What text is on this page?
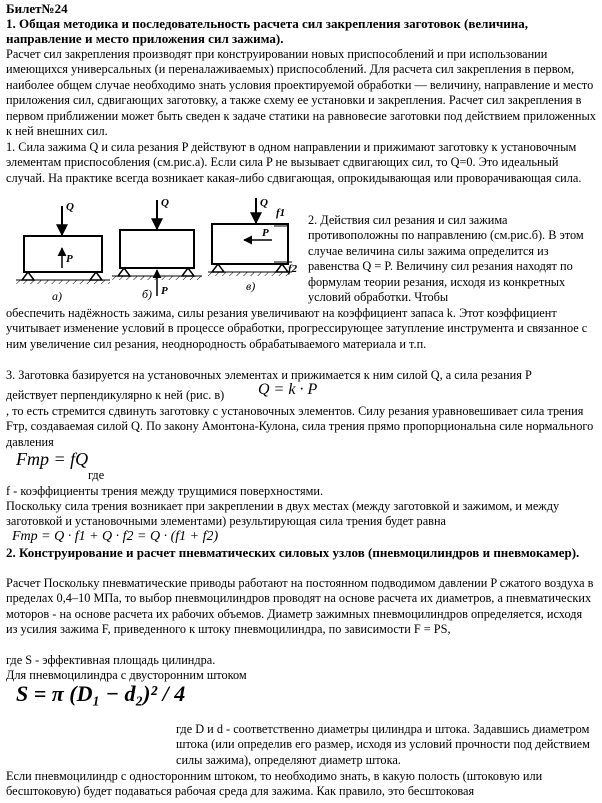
Билет№24
1. Общая методика и последовательность расчета сил закрепления заготовок (величина, направление и место приложения сил зажима).
Расчет сил закрепления производят при конструировании новых приспособлений и при использовании имеющихся универсальных (и переналаживаемых) приспособлений. Для расчета сил закрепления в первом, наиболее общем случае необходимо знать условия проектируемой обработки — величину, направление и место приложения сил, сдвигающих заготовку, а также схему ее установки и закрепления. Расчет сил закрепления в первом приближении может быть сведен к задаче статики на равновесие заготовки под действием приложенных к ней внешних сил.
1. Сила зажима Q и сила резания P действуют в одном направлении и прижимают заготовку к установочным элементам приспособления (см.рис.а). Если сила P не вызывает сдвигающих сил, то Q=0. Это идеальный случай. На практике всегда возникает какая-либо сдвигающая, опрокидывающая или проворачивающая сила.
Q
P
а)
Q
P
б)
Q
f1
P
f2
в)
2. Действия сил резания и сил зажима противоположны по направлению (см.рис.б). В этом случае величина силы зажима определится из равенства Q = P. Величину сил резания находят по формулам теории резания, исходя из конкретных условий обработки. Чтобы
обеспечить надёжность зажима, силы резания увеличивают на коэффициент запаса k. Этот коэффициент учитывает изменение условий в процессе обработки, прогрессирующее затупление инструмента и связанное с ним увеличение сил резания, неоднородность обрабатываемого материала и т.п.
3. Заготовка базируется на установочных элементах и прижимается к ним силой Q, а сила резания P
действует перпендикулярно к ней (рис. в)	Q = k · P
, то есть стремится сдвинуть заготовку с установочных элементов. Силу резания уравновешивает сила трения Fтр, создаваемая силой Q. По закону Амонтона-Кулона, сила трения прямо пропорциональна силе нормального давления
Fтр = fQ
где
f - коэффициенты трения между трущимися поверхностями.
Поскольку сила трения возникает при закреплении в двух местах (между заготовкой и зажимом, и между заготовкой и установочными элементами) результирующая сила трения будет равна
Fтр = Q · f1 + Q · f2 = Q · (f1 + f2)
2. Конструирование и расчет пневматических силовых узлов (пневмоцилиндров и пневмокамер).
Расчет Поскольку пневматические приводы работают на постоянном подводимом давлении P сжатого воздуха в пределах 0,4–10 МПа, то выбор пневмоцилиндров проводят на основе расчета их диаметров, а пневматических моторов - на основе расчета их рабочих объемов. Диаметр зажимных пневмоцилиндров определяется, исходя из усилия зажима F, приведенного к штоку пневмоцилиндра, по зависимости F = PS,
где S - эффективная площадь цилиндра.
Для пневмоцилиндра с двусторонним штоком
S = π (D₁ − d₂)² / 4
где D и d - соответственно диаметры цилиндра и штока. Задавшись диаметром штока (или определив его размер, исходя из условий прочности под действием силы зажима), определяют диаметр штока.
Если пневмоцилиндр с односторонним штоком, то необходимо знать, в какую полость (штоковую или бесштоковую) будет подаваться рабочая среда для зажима. Как правило, это бесштоковая
